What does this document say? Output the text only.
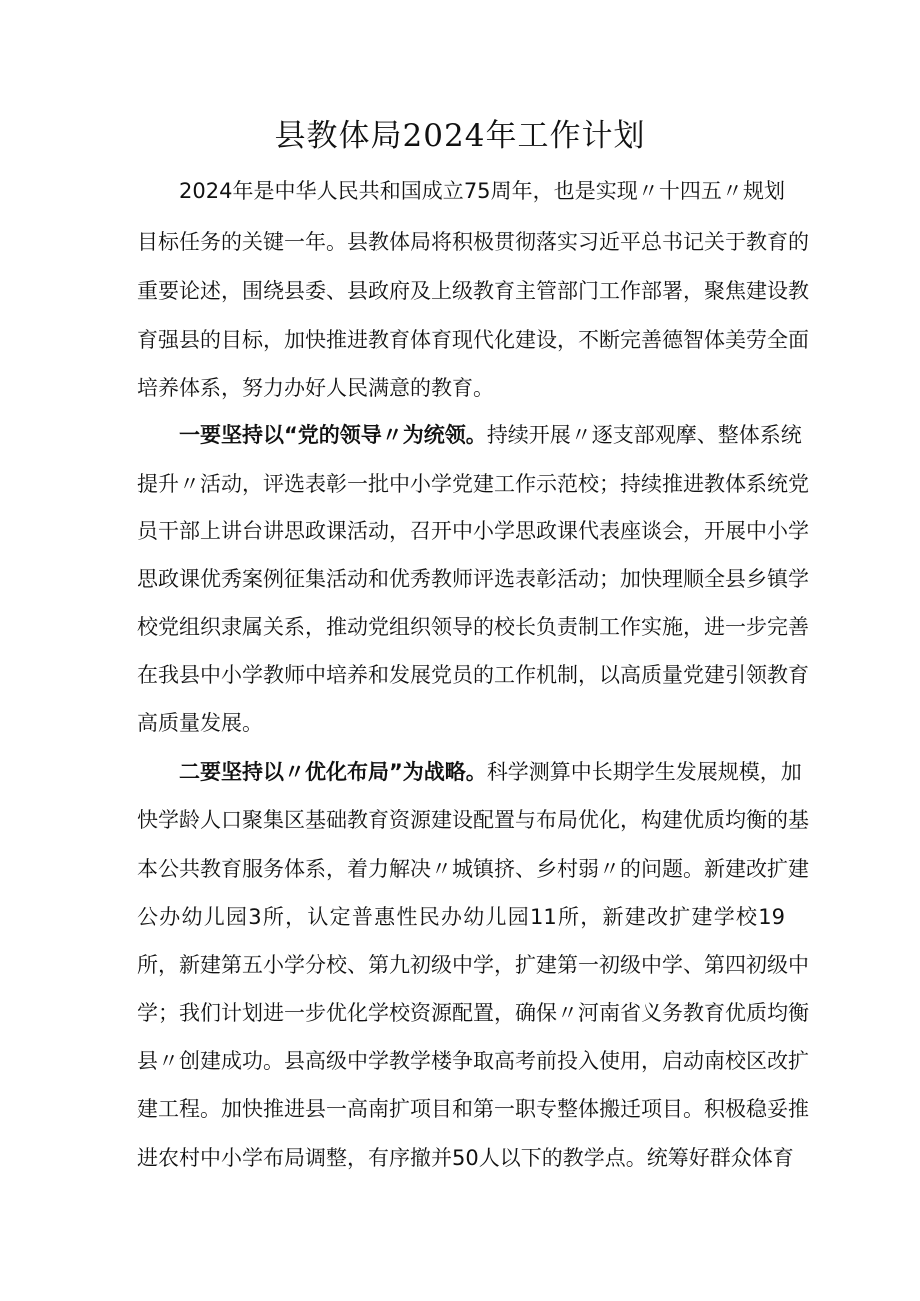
县教体局2024年工作计划
2024年是中华人民共和国成立75周年，也是实现〃十四五〃规划
目标任务的关键一年。县教体局将积极贯彻落实习近平总书记关于教育的
重要论述，围绕县委、县政府及上级教育主管部门工作部署，聚焦建设教
育强县的目标，加快推进教育体育现代化建设，不断完善德智体美劳全面
培养体系，努力办好人民满意的教育。
一要坚持以“党的领导〃为统领。持续开展〃逐支部观摩、整体系统
提升〃活动，评选表彰一批中小学党建工作示范校；持续推进教体系统党
员干部上讲台讲思政课活动，召开中小学思政课代表座谈会，开展中小学
思政课优秀案例征集活动和优秀教师评选表彰活动；加快理顺全县乡镇学
校党组织隶属关系，推动党组织领导的校长负责制工作实施，进一步完善
在我县中小学教师中培养和发展党员的工作机制，以高质量党建引领教育
高质量发展。
二要坚持以〃优化布局”为战略。科学测算中长期学生发展规模，加
快学龄人口聚集区基础教育资源建设配置与布局优化，构建优质均衡的基
本公共教育服务体系，着力解决〃城镇挤、乡村弱〃的问题。新建改扩建
公办幼儿园3所，认定普惠性民办幼儿园11所，新建改扩建学校19
所，新建第五小学分校、第九初级中学，扩建第一初级中学、第四初级中
学；我们计划进一步优化学校资源配置，确保〃河南省义务教育优质均衡
县〃创建成功。县高级中学教学楼争取高考前投入使用，启动南校区改扩
建工程。加快推进县一高南扩项目和第一职专整体搬迁项目。积极稳妥推
进农村中小学布局调整，有序撤并50人以下的教学点。统筹好群众体育
